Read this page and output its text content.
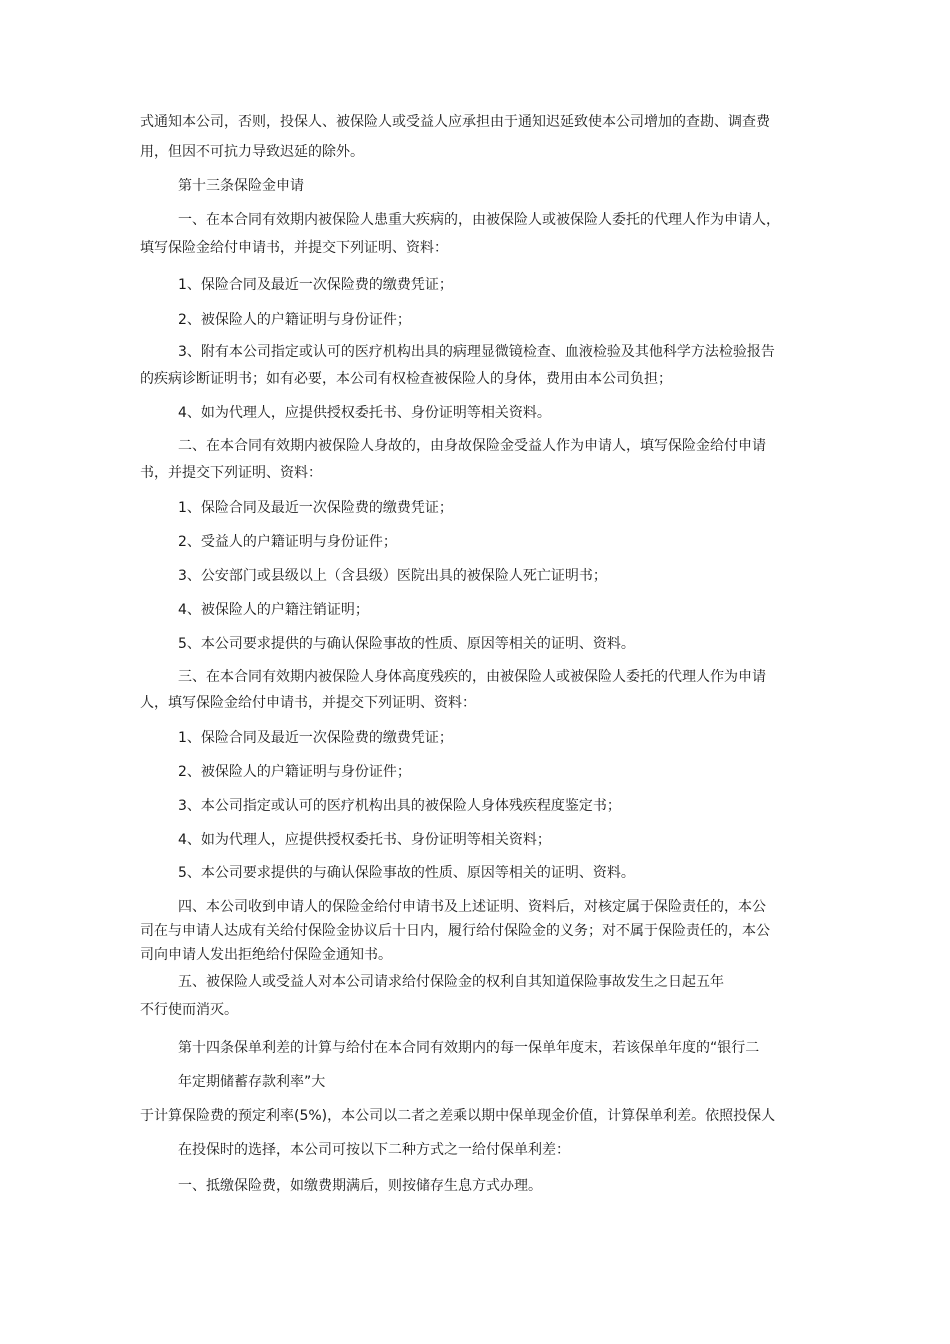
式通知本公司，否则，投保人、被保险人或受益人应承担由于通知迟延致使本公司增加的查勘、调查费
用，但因不可抗力导致迟延的除外。
第十三条保险金申请
一、在本合同有效期内被保险人患重大疾病的，由被保险人或被保险人委托的代理人作为申请人，
填写保险金给付申请书，并提交下列证明、资料：
1、保险合同及最近一次保险费的缴费凭证；
2、被保险人的户籍证明与身份证件；
3、附有本公司指定或认可的医疗机构出具的病理显微镜检查、血液检验及其他科学方法检验报告
的疾病诊断证明书；如有必要，本公司有权检查被保险人的身体，费用由本公司负担；
4、如为代理人，应提供授权委托书、身份证明等相关资料。
二、在本合同有效期内被保险人身故的，由身故保险金受益人作为申请人，填写保险金给付申请
书，并提交下列证明、资料：
1、保险合同及最近一次保险费的缴费凭证；
2、受益人的户籍证明与身份证件；
3、公安部门或县级以上（含县级）医院出具的被保险人死亡证明书；
4、被保险人的户籍注销证明；
5、本公司要求提供的与确认保险事故的性质、原因等相关的证明、资料。
三、在本合同有效期内被保险人身体高度残疾的，由被保险人或被保险人委托的代理人作为申请
人，填写保险金给付申请书，并提交下列证明、资料：
1、保险合同及最近一次保险费的缴费凭证；
2、被保险人的户籍证明与身份证件；
3、本公司指定或认可的医疗机构出具的被保险人身体残疾程度鉴定书；
4、如为代理人，应提供授权委托书、身份证明等相关资料；
5、本公司要求提供的与确认保险事故的性质、原因等相关的证明、资料。
四、本公司收到申请人的保险金给付申请书及上述证明、资料后，对核定属于保险责任的，本公
司在与申请人达成有关给付保险金协议后十日内，履行给付保险金的义务；对不属于保险责任的，本公
司向申请人发出拒绝给付保险金通知书。
五、被保险人或受益人对本公司请求给付保险金的权利自其知道保险事故发生之日起五年
不行使而消灭。
第十四条保单利差的计算与给付在本合同有效期内的每一保单年度末，若该保单年度的“银行二
年定期储蓄存款利率”大
于计算保险费的预定利率(5%)，本公司以二者之差乘以期中保单现金价值，计算保单利差。依照投保人
在投保时的选择，本公司可按以下二种方式之一给付保单利差：
一、抵缴保险费，如缴费期满后，则按储存生息方式办理。
